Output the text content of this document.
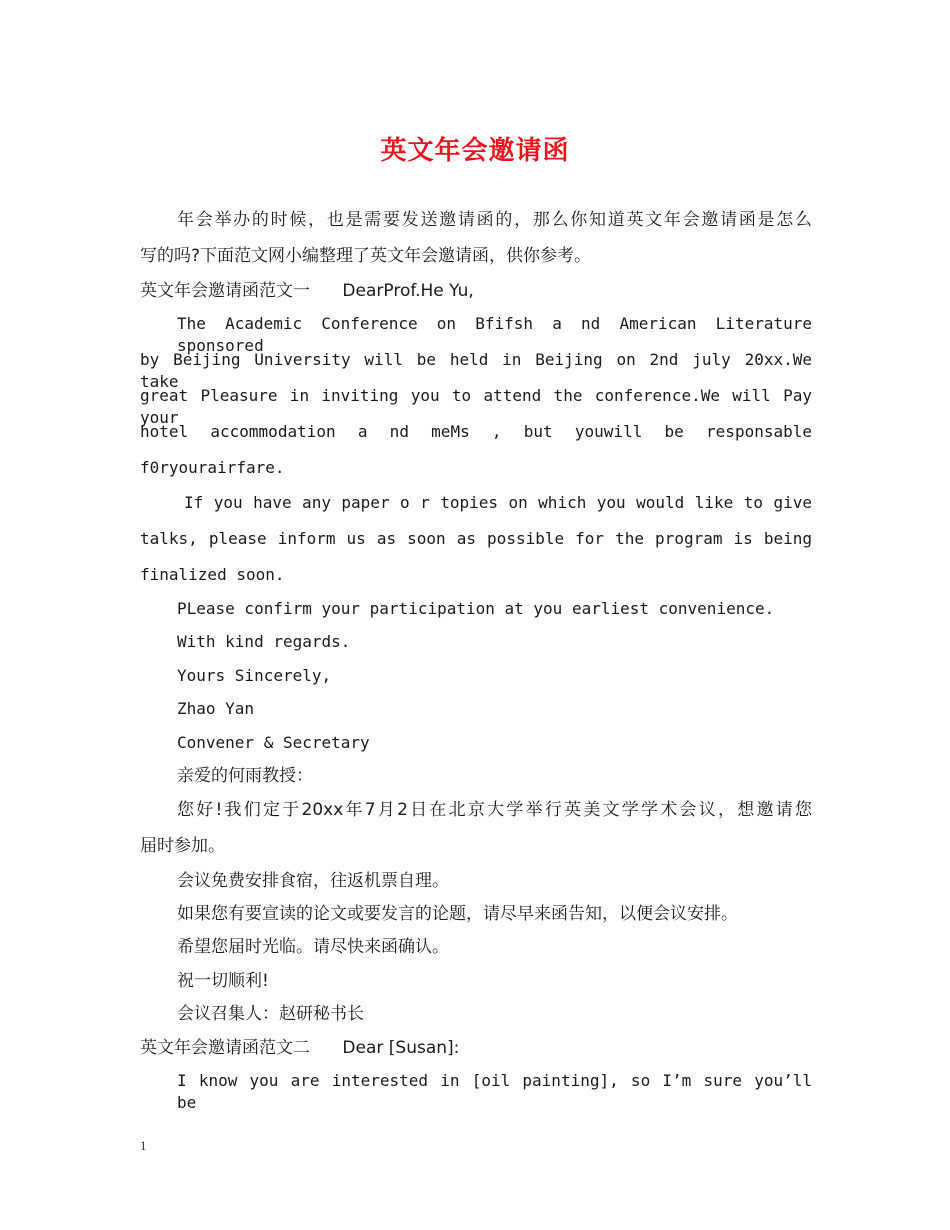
英文年会邀请函
年会举办的时候，也是需要发送邀请函的，那么你知道英文年会邀请函是怎么
写的吗?下面范文网小编整理了英文年会邀请函，供你参考。
英文年会邀请函范文一      DearProf.He Yu,
The Academic Conference on Bfifsh a nd American Literature sponsored
by Beijing University will be held in Beijing on 2nd july 20xx.We take
great Pleasure in inviting you to attend the conference.We will Pay your
hotel accommodation a nd meMs , but youwill be responsable
f0ryourairfare.
If you have any paper o r topies on which you would like to give
talks, please inform us as soon as possible for the program is being
finalized soon.
PLease confirm your participation at you earliest convenience.
With kind regards.
Yours Sincerely,
Zhao Yan
Convener & Secretary
亲爱的何雨教授：
您好!我们定于20xx年7月2日在北京大学举行英美文学学术会议，想邀请您
届时参加。
会议免费安排食宿，往返机票自理。
如果您有要宣读的论文或要发言的论题，请尽早来函告知，以便会议安排。
希望您届时光临。请尽快来函确认。
祝一切顺利!
会议召集人：赵研秘书长
英文年会邀请函范文二      Dear [Susan]:
I know you are interested in [oil painting], so I’m sure you’ll be
1
